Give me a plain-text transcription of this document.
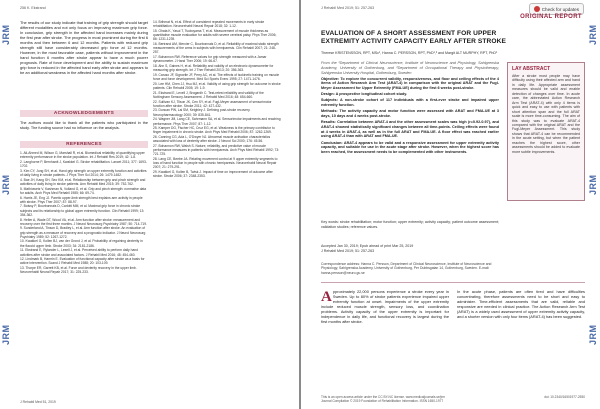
JRM
JRM
JRM
256 K. Ekstrand
The results of our study indicate that training of grip strength should target different modalities and not only focus on improving maximum grip force. In conclusion, grip strength in the affected hand increases mainly during the first year after stroke. The progress in most prominent during the first 6 months and then between 6 and 12 months. Patients with reduced grip strength still have considerably decreased grip force at 12 months. However, in the most favorable case, patients without improvement in the hand function 6 months after stroke appear to have a much poorer prognosis. Rate of force development and the ability to sustain maximum grip force is reduced in the affected hand early after stroke and appears to be an additional weakness in the affected hand months after stroke.
ACKNOWLEDGEMENTS
The authors would like to thank all the patients who participated in the study. The funding source had no influence on the analysis.
REFERENCES
1. Ali-Ahmed M, Wilson G, Marshall R, et al. Biomedical reliability of quantifying upper extremity performance in the stroke population. Int J Rehabil Res 2019; 42: 1-8.
2. Langhorne P, Bernhardt J, Kwakkel G. Stroke rehabilitation. Lancet 2011; 377: 1693-1702.
3. Kim CY, Jung SH, et al. Hand grip strength on upper extremity function and activities of daily living in stroke patients. J Phys Ther Sci 2014; 26: 1479-1482.
4. Bae JH, Kang SH, Seo KM, et al. Relationship between grip and pinch strength and activities of daily living in stroke patients. Ann Rehabil Med 2015; 39: 752-762.
5. Mathiowetz V, Kashman N, Volland G, et al. Grip and pinch strength: normative data for adults. Arch Phys Med Rehabil 1985; 66: 69-74.
6. Harris JE, Eng JJ. Paretic upper-limb strength best explains arm activity in people with stroke. Phys Ther 2007; 87: 88-97.
7. Boissy P, Bourbonnais D, Carlotti MM, et al. Maximal grip force in chronic stroke subjects and its relationship to global upper extremity function. Clin Rehabil 1999; 13: 354-362.
8. Heller A, Wade DT, Wood VA, et al. Arm function after stroke: measurement and recovery over the first three months. J Neurol Neurosurg Psychiatry 1987; 50: 714-719.
9. Sunderland A, Tinson D, Bradley L, et al. Arm function after stroke. An evaluation of grip strength as a measure of recovery and a prognostic indicator. J Neurol Neurosurg Psychiatry 1989; 52: 1267-1272.
10. Kwakkel G, Kollen BJ, van der Grond J, et al. Probability of regaining dexterity in the flaccid upper limb. Stroke 2003; 34: 2181-2186.
11. Ekstrand E, Rylander L, Lexell J, et al. Perceived ability to perform daily hand activities after stroke and associated factors. J Rehabil Med 2016; 48: 454-460.
12. Lindmark B, Hamrin E. Evaluation of functional capacity after stroke as a basis for active intervention. Scand J Rehabil Med 1988; 20: 103-109.
13. Thorpe ER, Garrett KB, et al. Force and dexterity recovery in the upper limb. Neurorehabil Neural Repair 2017; 31: 225-233.
14. Brihmat N, et al. Effect of consistent repeated movements in early stroke rehabilitation. Neurorehabil Neural Repair 2018; 32: 1-12.
15. Ohata K, Yasui T, Tsuboyama T, et al. Measurement of muscle thickness as quantitative muscle evaluation for adults with severe cerebral palsy. Phys Ther 2006; 86: 1231-1239.
16. Bertrand AM, Mercier C, Bourbonnais D, et al. Reliability of maximal static strength measurements of the arms in subjects with hemiparesis. Clin Rehabil 2007; 21: 248-257.
17. Bohannon RW. Reference values for grip strength measured with a Jamar dynamometer. J Hand Ther 2006; 19: 66-67.
18. Ahn S, Gaines H, et al. Reliability and validity of an electronic dynamometer for measuring grip strength. Int J Ther Rehabil 2013; 20: 356-363.
19. Caruso JF, Signorile JF, Perry AC, et al. The effects of isokinetic training on muscle force and force development. Med Sci Sports Exerc 1995; 27: 1471-1476.
20. Lee HM, Chen JJ, Hsu MJ, et al. Validity of using grip strength for outcome in stroke patients. Clin Rehabil 2005; 19: 1-9.
21. Ekstrand E, Lexell J, Brogardh C. Test-retest reliability and validity of the Nottingham Sensory Assessment. J Rehabil Med 2016; 48: 654-660.
22. Sullivan KJ, Tilson JK, Cen SY, et al. Fugl-Meyer assessment of sensorimotor function after stroke. Stroke 2011; 42: 427-432.
23. Duncan PW, Lai SM, Keighley J. Defining post-stroke recovery. Neuropharmacology 2000; 39: 835-841.
24. Wagner JM, Lang CE, Sahrmann SA, et al. Sensorimotor impairments and reaching performance. Phys Ther 2007; 87: 1-12.
25. Kamper DG, Fischer HC, Cruz EG, et al. Weakness is the primary contributor to finger impairment in chronic stroke. Arch Phys Med Rehabil 2006; 87: 1262-1269.
26. Canning CG, Ada L, O'Dwyer NJ. Abnormal muscle activation characteristics associated with loss of dexterity after stroke. J Neurol Sci 2000; 176: 45-56.
27. Bohannon RW, Walsh S. Nature, reliability, and predictive value of muscle performance measures in patients with hemiparesis. Arch Phys Med Rehabil 1992; 73: 721-725.
28. Lang CE, Beebe JA. Relating movement control at 9 upper extremity segments to loss of hand function in people with chronic hemiparesis. Neurorehabil Neural Repair 2007; 21: 279-291.
29. Kwakkel G, Kollen B, Twisk J. Impact of time on improvement of outcome after stroke. Stroke 2006; 37: 2348-2353.
J Rehabil Med 51, 2019
JRM
JRM
JRM
J Rehabil Med 2019; 51: 257-263	Check for updates
ORIGINAL REPORT
EVALUATION OF A SHORT ASSESSMENT FOR UPPER EXTREMITY ACTIVITY CAPACITY EARLY AFTER STROKE
Therese KRISTENSSON, RPT, MSc¹, Hanna C. PERSSON, RPT, PhD¹,² and Margit ALT MURPHY, RPT, PhD¹

From the ¹Department of Clinical Neuroscience, Institute of Neuroscience and Physiology, Sahlgrenska Academy, University of Gothenburg, and ²Department of Occupational Therapy and Physiotherapy, Sahlgrenska University Hospital, Gothenburg, Sweden

Objective: To explore the concurrent validity, responsiveness, and floor and ceiling effects of the 4 items of Action Research Arm Test (ARAT-4) in comparison with the original ARAT and the Fugl-Meyer Assessment for Upper Extremity (FMA-UE) during the first 6 weeks post-stroke.

Design: A prospective longitudinal cohort study.

Subjects: A non-stroke cohort of 117 individuals with a first-ever stroke and impaired upper extremity function.

Methods: The activity capacity and motor function were assessed with ARAT and FMA-UE at 3 days, 10 days and 4 weeks post-stroke.

Results: Correlation between ARAT-4 and the other assessment scales was high (r=0.92-0.97), and ARAT-4 showed statistically significant changes between all time-points. Ceiling effects were found at 4 weeks in ARAT-4, as well as in the full ARAT and FMA-UE. A floor effect was reached earlier using ARAT-4 than with ARAT and FMA-UE.

Conclusion: ARAT-4 appears to be valid and a responsive assessment for upper extremity activity capacity, and suitable for use in the acute stage after stroke. However, when the highest score has been reached, the assessment needs to be complemented with other instruments.

Key words: stroke rehabilitation; motor function; upper extremity; activity capacity; patient outcome assessment; validation studies; reference values.
Accepted Jan 30, 2019; Epub ahead of print Mar 25, 2019
J Rehabil Med 2019; 51: 257-263
Correspondence address: Hanna C. Persson, Department of Clinical Neuroscience, Institute of Neuroscience and Physiology, Sahlgrenska Academy, University of Gothenburg, Per Dubbsgatan 14, Gothenburg, Sweden. E-mail: hanna.persson@neuro.gu.se
LAY ABSTRACT
After a stroke most people may have difficulty using their affected arm and hand in daily life. Appropriate assessment measures should be valid and enable detection of changes over time. In acute care, the abbreviated Action Research Arm Test (ARAT-4) with only 4 items is quick and easy to use with patients with short attention span and the full ARAT scale is more time-consuming. The aim of this study was to evaluate ARAT-4 compared with the original ARAT and the Fugl-Meyer Assessment. This study shows that ARAT-4 can be recommended in the acute setting, but when the patient reaches the highest score, other assessments should be added to evaluate more subtle improvements.
A pproximately 22,000 persons experience a stroke every year in Sweden. Up to 80% of stroke patients experience impaired upper extremity function at onset. Impairments of the upper extremity include reduced muscle strength, sensory loss, and coordination problems. Activity capacity of the upper extremity is important for independence in daily life, and functional recovery is largest during the first months after stroke.
In the acute phase, patients are often tired and have difficulties concentrating, therefore assessments need to be short and easy to administer. Time-efficient assessments that are valid, reliable and responsive are needed in clinical practice. The Action Research Arm Test (ARAT) is a widely used assessment of upper extremity activity capacity, and a shorter version with only four items (ARAT-4) has been suggested.
This is an open access article under the CC BY-NC license. www.medicaljournals.se/jrm
Journal Compilation © 2019 Foundation of Rehabilitation Information. ISSN 1650-1977
doi: 10.2340/16501977-2550
